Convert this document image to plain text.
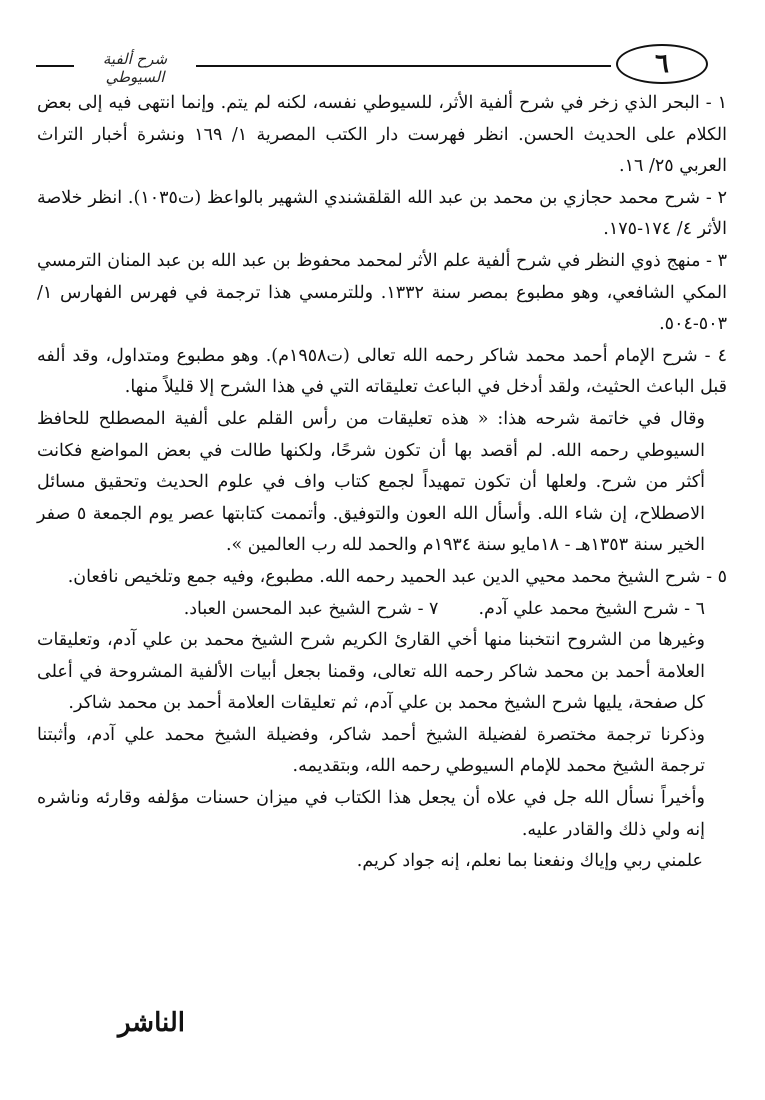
شرح ألفية السيوطي	٦

١ - البحر الذي زخر في شرح ألفية الأثر، للسيوطي نفسه، لكنه لم يتم. وإنما انتهى فيه إلى بعض الكلام على الحديث الحسن. انظر فهرست دار الكتب المصرية ١/ ١٦٩ ونشرة أخبار التراث العربي ٢٥/ ١٦.

٢ - شرح محمد حجازي بن محمد بن عبد الله القلقشندي الشهير بالواعظ (ت١٠٣٥). انظر خلاصة الأثر ٤/ ١٧٤-١٧٥.

٣ - منهج ذوي النظر في شرح ألفية علم الأثر لمحمد محفوظ بن عبد الله بن عبد المنان الترمسي المكي الشافعي، وهو مطبوع بمصر سنة ١٣٣٢. وللترمسي هذا ترجمة في فهرس الفهارس ١/ ٥٠٣-٥٠٤.

٤ - شرح الإمام أحمد محمد شاكر رحمه الله تعالى (ت١٩٥٨م). وهو مطبوع ومتداول، وقد ألفه قبل الباعث الحثيث، ولقد أدخل في الباعث تعليقاته التي في هذا الشرح إلا قليلاً منها.

وقال في خاتمة شرحه هذا: « هذه تعليقات من رأس القلم على ألفية المصطلح للحافظ السيوطي رحمه الله. لم أقصد بها أن تكون شرحًا، ولكنها طالت في بعض المواضع فكانت أكثر من شرح. ولعلها أن تكون تمهيداً لجمع كتاب واف في علوم الحديث وتحقيق مسائل الاصطلاح، إن شاء الله. وأسأل الله العون والتوفيق. وأتممت كتابتها عصر يوم الجمعة ٥ صفر الخير سنة ١٣٥٣هـ - ١٨مايو سنة ١٩٣٤م والحمد لله رب العالمين ».

٥ - شرح الشيخ محمد محيي الدين عبد الحميد رحمه الله. مطبوع، وفيه جمع وتلخيص نافعان.

٦ - شرح الشيخ محمد علي آدم.
٧ - شرح الشيخ عبد المحسن العباد.

وغيرها من الشروح انتخبنا منها أخي القارئ الكريم شرح الشيخ محمد بن علي آدم، وتعليقات العلامة أحمد بن محمد شاكر رحمه الله تعالى، وقمنا بجعل أبيات الألفية المشروحة في أعلى كل صفحة، يليها شرح الشيخ محمد بن علي آدم، ثم تعليقات العلامة أحمد بن محمد شاكر.

وذكرنا ترجمة مختصرة لفضيلة الشيخ أحمد شاكر، وفضيلة الشيخ محمد علي آدم، وأثبتنا ترجمة الشيخ محمد للإمام السيوطي رحمه الله، وبتقديمه.

وأخيراً نسأل الله جل في علاه أن يجعل هذا الكتاب في ميزان حسنات مؤلفه وقارئه وناشره إنه ولي ذلك والقادر عليه.

علمني ربي وإياك ونفعنا بما نعلم، إنه جواد كريم.

الناشر
